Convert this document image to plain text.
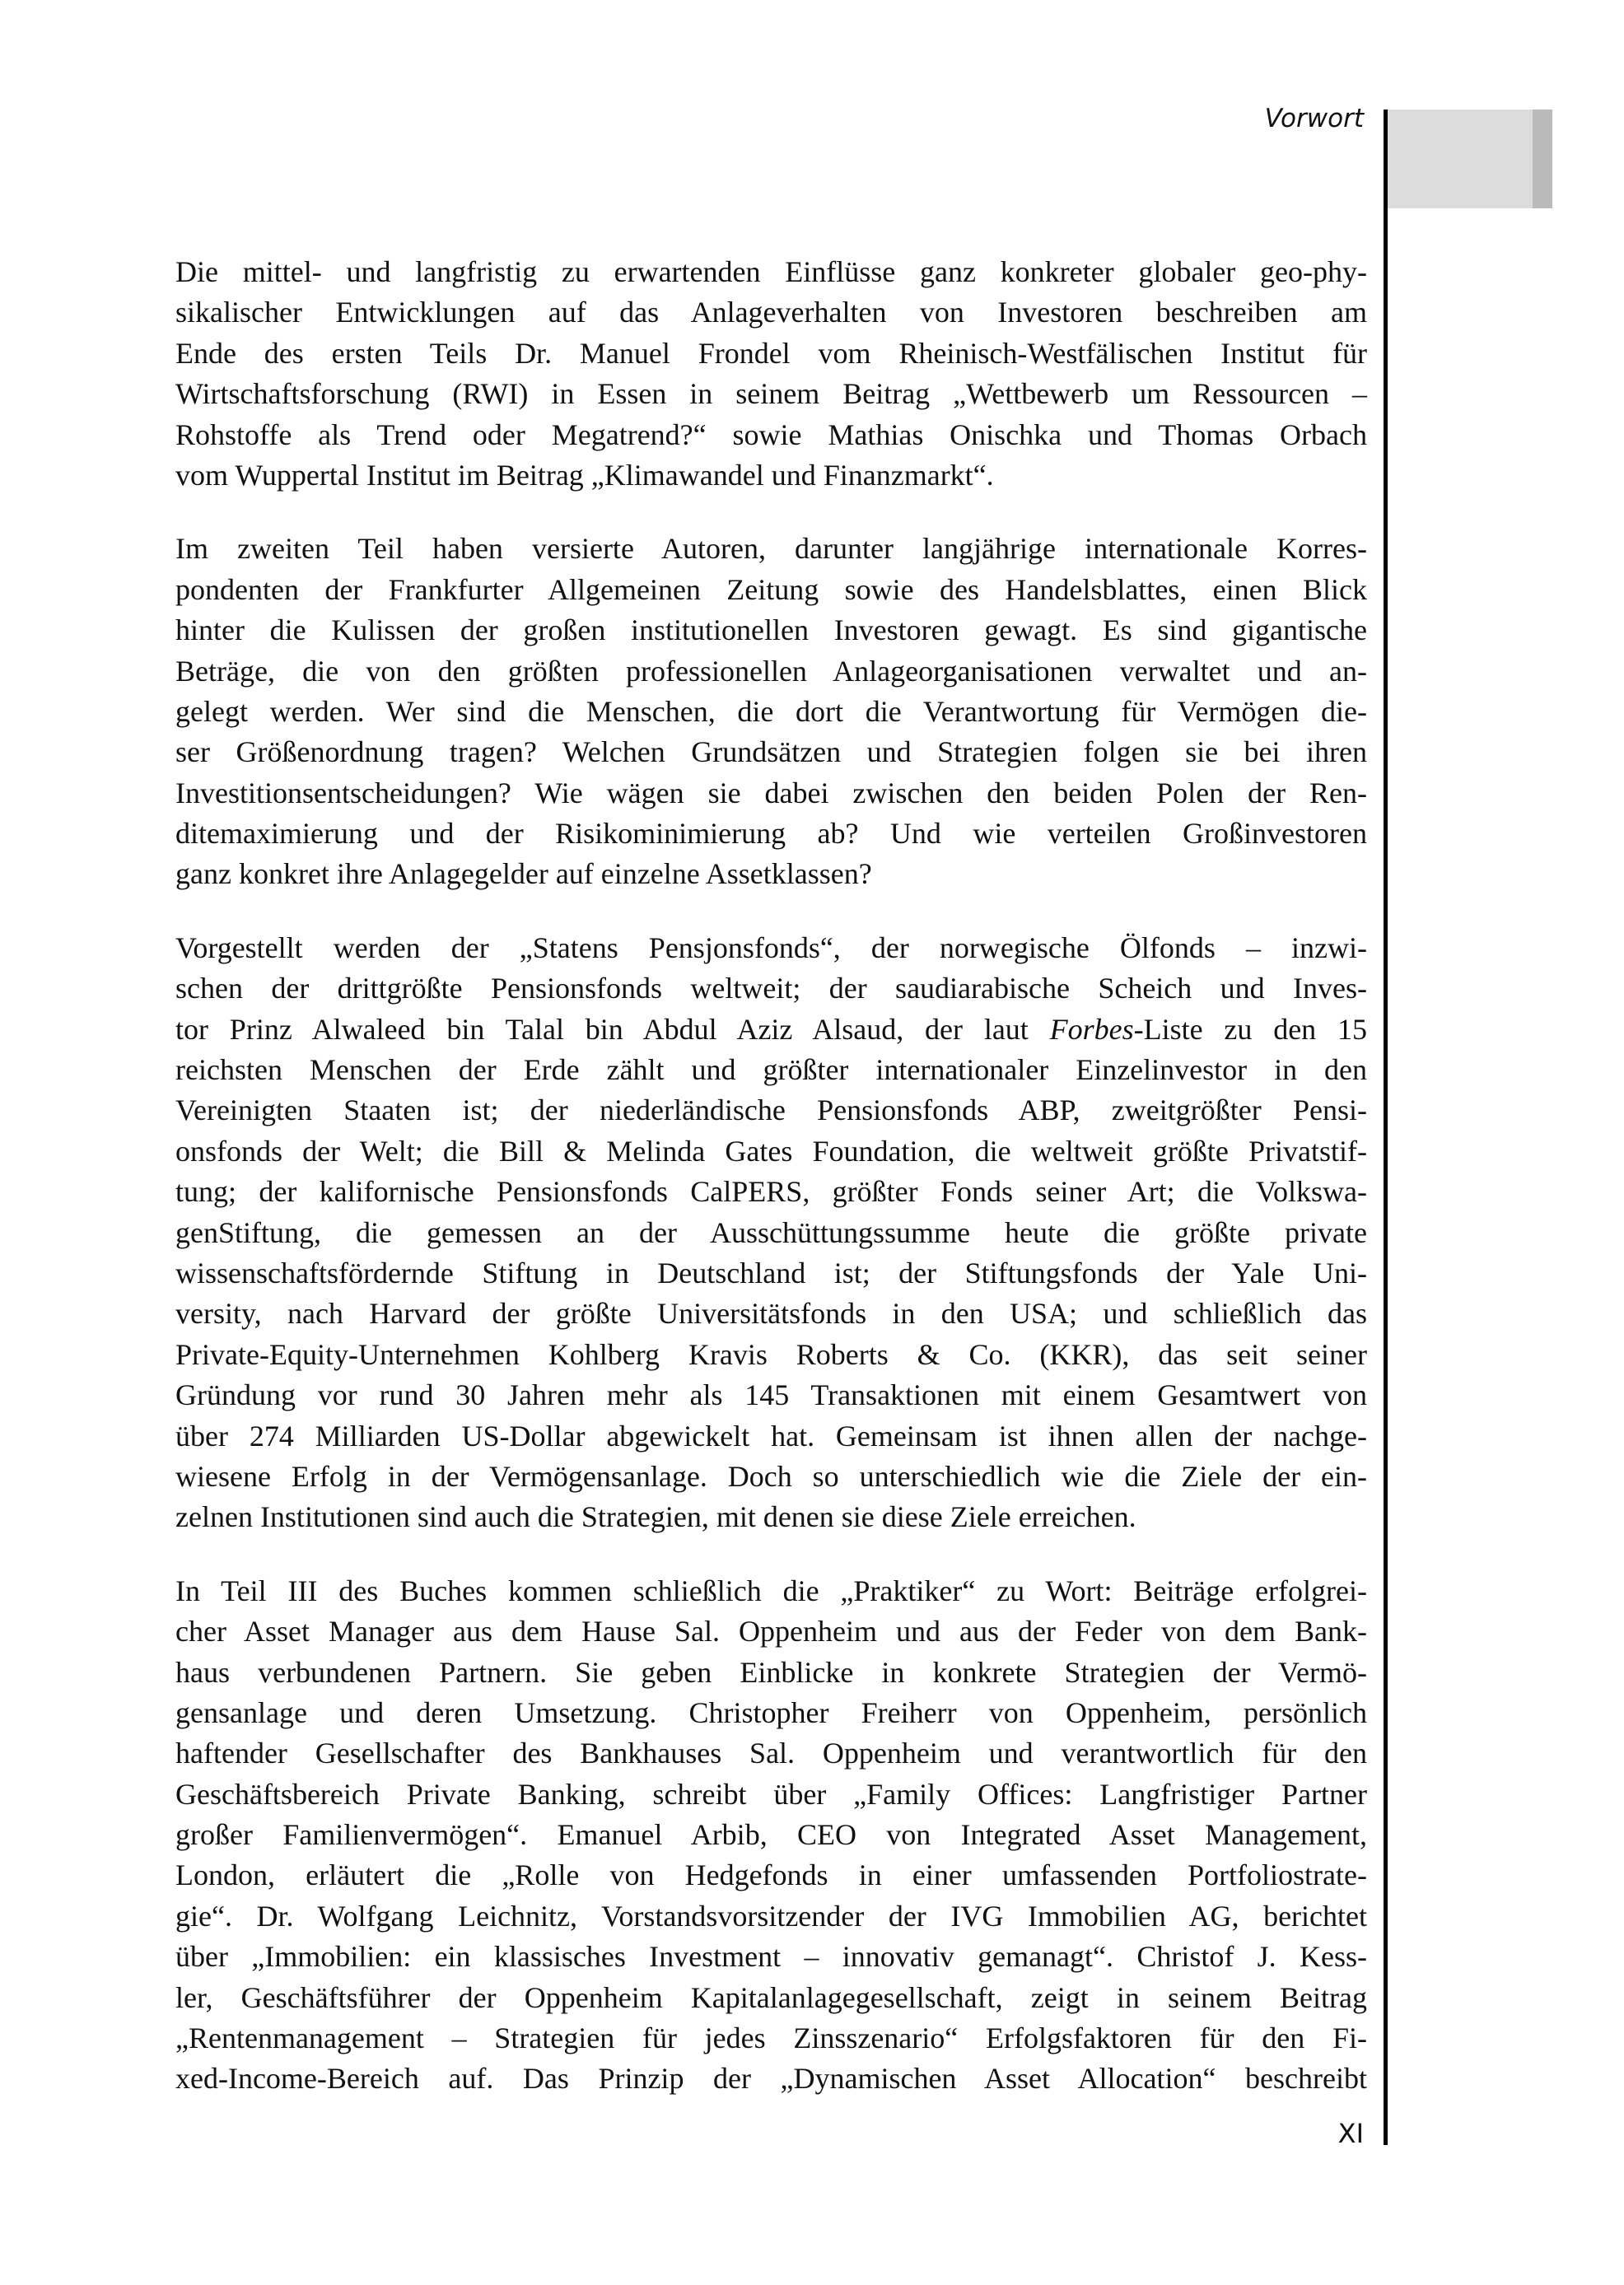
Vorwort

Die mittel- und langfristig zu erwartenden Einflüsse ganz konkreter globaler geo-phy-
sikalischer Entwicklungen auf das Anlageverhalten von Investoren beschreiben am
Ende des ersten Teils Dr. Manuel Frondel vom Rheinisch-Westfälischen Institut für
Wirtschaftsforschung (RWI) in Essen in seinem Beitrag „Wettbewerb um Ressourcen –
Rohstoffe als Trend oder Megatrend?“ sowie Mathias Onischka und Thomas Orbach
vom Wuppertal Institut im Beitrag „Klimawandel und Finanzmarkt“.

Im zweiten Teil haben versierte Autoren, darunter langjährige internationale Korres-
pondenten der Frankfurter Allgemeinen Zeitung sowie des Handelsblattes, einen Blick
hinter die Kulissen der großen institutionellen Investoren gewagt. Es sind gigantische
Beträge, die von den größten professionellen Anlageorganisationen verwaltet und an-
gelegt werden. Wer sind die Menschen, die dort die Verantwortung für Vermögen die-
ser Größenordnung tragen? Welchen Grundsätzen und Strategien folgen sie bei ihren
Investitionsentscheidungen? Wie wägen sie dabei zwischen den beiden Polen der Ren-
ditemaximierung und der Risikominimierung ab? Und wie verteilen Großinvestoren
ganz konkret ihre Anlagegelder auf einzelne Assetklassen?

Vorgestellt werden der „Statens Pensjonsfonds“, der norwegische Ölfonds – inzwi-
schen der drittgrößte Pensionsfonds weltweit; der saudiarabische Scheich und Inves-
tor Prinz Alwaleed bin Talal bin Abdul Aziz Alsaud, der laut Forbes-Liste zu den 15
reichsten Menschen der Erde zählt und größter internationaler Einzelinvestor in den
Vereinigten Staaten ist; der niederländische Pensionsfonds ABP, zweitgrößter Pensi-
onsfonds der Welt; die Bill & Melinda Gates Foundation, die weltweit größte Privatstif-
tung; der kalifornische Pensionsfonds CalPERS, größter Fonds seiner Art; die Volkswa-
genStiftung, die gemessen an der Ausschüttungssumme heute die größte private
wissenschaftsfördernde Stiftung in Deutschland ist; der Stiftungsfonds der Yale Uni-
versity, nach Harvard der größte Universitätsfonds in den USA; und schließlich das
Private-Equity-Unternehmen Kohlberg Kravis Roberts & Co. (KKR), das seit seiner
Gründung vor rund 30 Jahren mehr als 145 Transaktionen mit einem Gesamtwert von
über 274 Milliarden US-Dollar abgewickelt hat. Gemeinsam ist ihnen allen der nachge-
wiesene Erfolg in der Vermögensanlage. Doch so unterschiedlich wie die Ziele der ein-
zelnen Institutionen sind auch die Strategien, mit denen sie diese Ziele erreichen.

In Teil III des Buches kommen schließlich die „Praktiker“ zu Wort: Beiträge erfolgrei-
cher Asset Manager aus dem Hause Sal. Oppenheim und aus der Feder von dem Bank-
haus verbundenen Partnern. Sie geben Einblicke in konkrete Strategien der Vermö-
gensanlage und deren Umsetzung. Christopher Freiherr von Oppenheim, persönlich
haftender Gesellschafter des Bankhauses Sal. Oppenheim und verantwortlich für den
Geschäftsbereich Private Banking, schreibt über „Family Offices: Langfristiger Partner
großer Familienvermögen“. Emanuel Arbib, CEO von Integrated Asset Management,
London, erläutert die „Rolle von Hedgefonds in einer umfassenden Portfoliostrate-
gie“. Dr. Wolfgang Leichnitz, Vorstandsvorsitzender der IVG Immobilien AG, berichtet
über „Immobilien: ein klassisches Investment – innovativ gemanagt“. Christof J. Kess-
ler, Geschäftsführer der Oppenheim Kapitalanlagegesellschaft, zeigt in seinem Beitrag
„Rentenmanagement – Strategien für jedes Zinsszenario“ Erfolgsfaktoren für den Fi-
xed-Income-Bereich auf. Das Prinzip der „Dynamischen Asset Allocation“ beschreibt

XI
